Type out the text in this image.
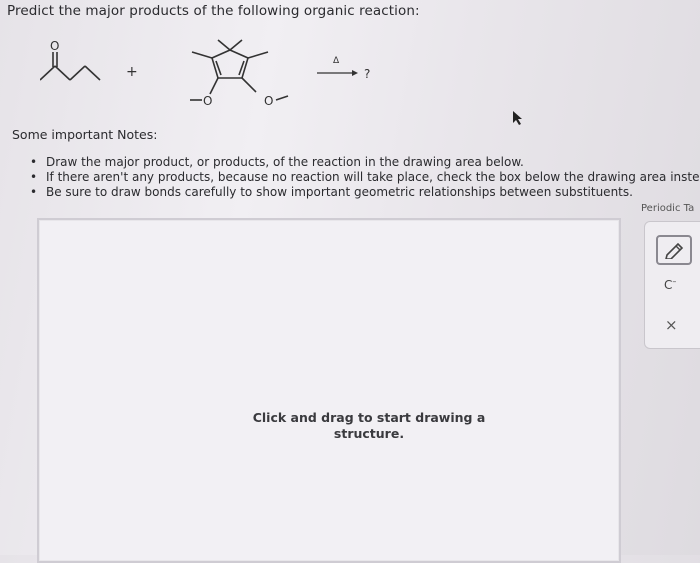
Predict the major products of the following organic reaction:
O
+
O	O
Δ
?
Some important Notes:
• Draw the major product, or products, of the reaction in the drawing area below.
• If there aren't any products, because no reaction will take place, check the box below the drawing area inste
• Be sure to draw bonds carefully to show important geometric relationships between substituents.
Periodic Ta
Click and drag to start drawing a
structure.
C–
×
